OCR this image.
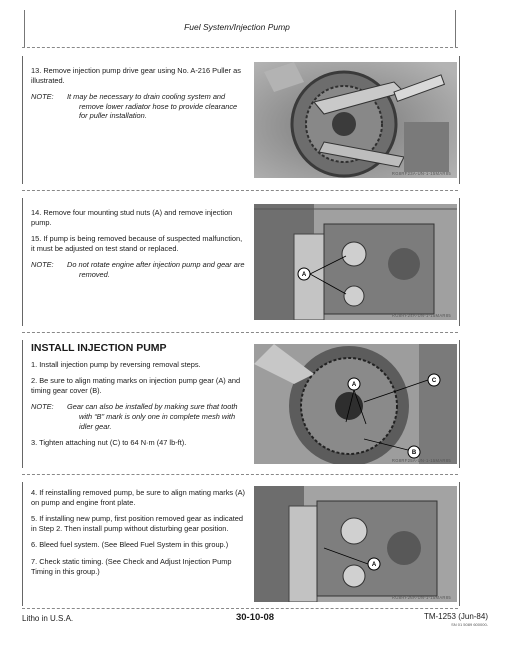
Fuel System/Injection Pump

13. Remove injection pump drive gear using No. A-216 Puller as illustrated.

NOTE: It may be necessary to drain cooling system and remove lower radiator hose to provide clearance for puller installation.

RG8RF23A-UN-1-15MAR85

14. Remove four mounting stud nuts (A) and remove injection pump.

15. If pump is being removed because of suspected malfunction, it must be adjusted on test stand or replaced.

NOTE: Do not rotate engine after injection pump and gear are removed.	A
RG8RF24A-UN-1-15MAR85
INSTALL INJECTION PUMP

1. Install injection pump by reversing removal steps.

2. Be sure to align mating marks on injection pump gear (A) and timing gear cover (B).

NOTE: Gear can also be installed by making sure that tooth with “B” mark is only one in complete mesh with idler gear.

3. Tighten attaching nut (C) to 64 N·m (47 lb-ft).

A
B
C
RG8RF25A-UN-1-15MAR85

4. If reinstalling removed pump, be sure to align mating marks (A) on pump and engine front plate.

5. If installing new pump, first position removed gear as indicated in Step 2. Then install pump without disturbing gear position.

6. Bleed fuel system. (See Bleed Fuel System in this group.)

7. Check static timing. (See Check and Adjust Injection Pump Timing in this group.)

A
RG8RF26A-UN-1-15MAR85
Litho in U.S.A.	30-10-08	TM-1253 (Jun-84)
SN 01 5089 600000-
